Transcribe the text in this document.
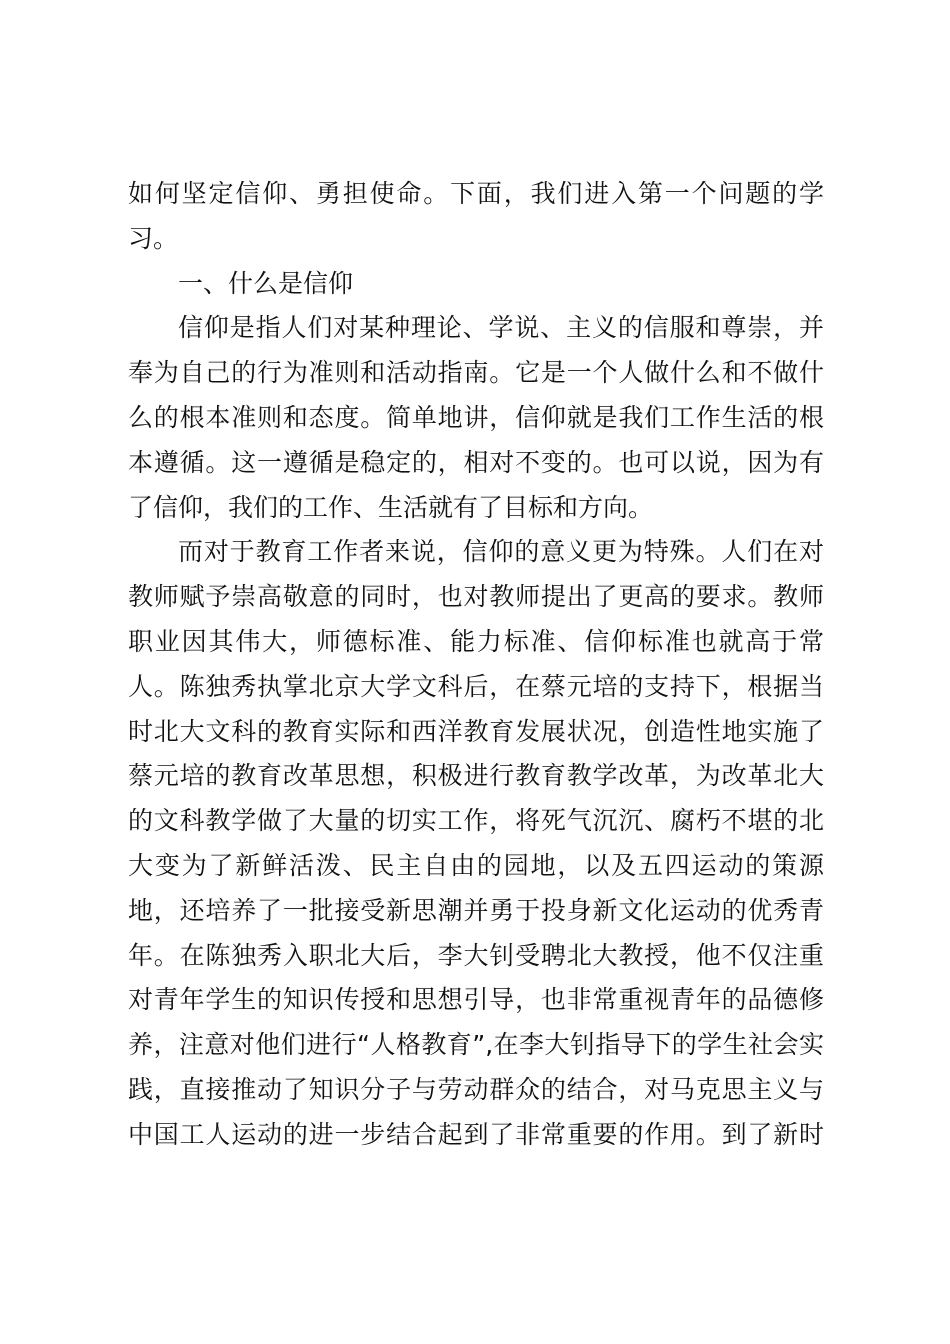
如何坚定信仰、勇担使命。下面，我们进入第一个问题的学
习。
一、什么是信仰
信仰是指人们对某种理论、学说、主义的信服和尊崇，并
奉为自己的行为准则和活动指南。它是一个人做什么和不做什
么的根本准则和态度。简单地讲，信仰就是我们工作生活的根
本遵循。这一遵循是稳定的，相对不变的。也可以说，因为有
了信仰，我们的工作、生活就有了目标和方向。
而对于教育工作者来说，信仰的意义更为特殊。人们在对
教师赋予崇高敬意的同时，也对教师提出了更高的要求。教师
职业因其伟大，师德标准、能力标准、信仰标准也就高于常
人。陈独秀执掌北京大学文科后，在蔡元培的支持下，根据当
时北大文科的教育实际和西洋教育发展状况，创造性地实施了
蔡元培的教育改革思想，积极进行教育教学改革，为改革北大
的文科教学做了大量的切实工作，将死气沉沉、腐朽不堪的北
大变为了新鲜活泼、民主自由的园地，以及五四运动的策源
地，还培养了一批接受新思潮并勇于投身新文化运动的优秀青
年。在陈独秀入职北大后，李大钊受聘北大教授，他不仅注重
对青年学生的知识传授和思想引导，也非常重视青年的品德修
养，注意对他们进行“人格教育”,在李大钊指导下的学生社会实
践，直接推动了知识分子与劳动群众的结合，对马克思主义与
中国工人运动的进一步结合起到了非常重要的作用。到了新时
